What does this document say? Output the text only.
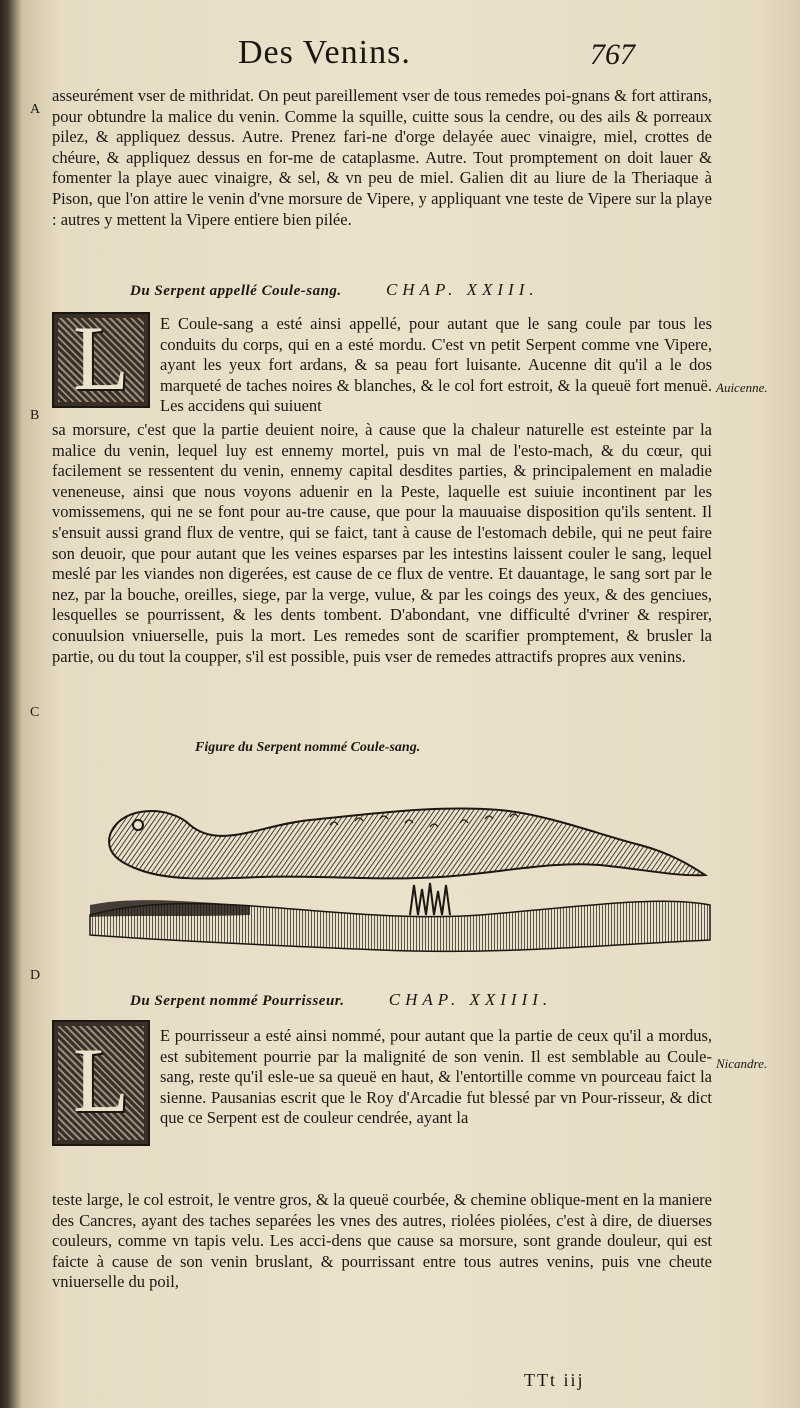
Des Venins.	767
A
B
C
D
Auicenne.
Nicandre.

asseurément vser de mithridat. On peut pareillement vser de tous remedes poi-gnans & fort attirans, pour obtundre la malice du venin. Comme la squille, cuitte sous la cendre, ou des ails & porreaux pilez, & appliquez dessus. Autre. Prenez fari-ne d'orge delayée auec vinaigre, miel, crottes de chéure, & appliquez dessus en for-me de cataplasme. Autre. Tout promptement on doit lauer & fomenter la playe auec vinaigre, & sel, & vn peu de miel. Galien dit au liure de la Theriaque à Pison, que l'on attire le venin d'vne morsure de Vipere, y appliquant vne teste de Vipere sur la playe : autres y mettent la Vipere entiere bien pilée.

Du Serpent appellé Coule-sang.	CHAP. XXIII.
L	E Coule-sang a esté ainsi appellé, pour autant que le sang coule par tous les conduits du corps, qui en a esté mordu. C'est vn petit Serpent comme vne Vipere, ayant les yeux fort ardans, & sa peau fort luisante. Aucenne dit qu'il a le dos marqueté de taches noires & blanches, & le col fort estroit, & la queuë fort menuë. Les accidens qui suiuent

sa morsure, c'est que la partie deuient noire, à cause que la chaleur naturelle est esteinte par la malice du venin, lequel luy est ennemy mortel, puis vn mal de l'esto-mach, & du cœur, qui facilement se ressentent du venin, ennemy capital desdites parties, & principalement en maladie veneneuse, ainsi que nous voyons aduenir en la Peste, laquelle est suiuie incontinent par les vomissemens, qui ne se font pour au-tre cause, que pour la mauuaise disposition qu'ils sentent. Il s'ensuit aussi grand flux de ventre, qui se faict, tant à cause de l'estomach debile, qui ne peut faire son deuoir, que pour autant que les veines esparses par les intestins laissent couler le sang, lequel meslé par les viandes non digerées, est cause de ce flux de ventre. Et dauantage, le sang sort par le nez, par la bouche, oreilles, siege, par la verge, vulue, & par les coings des yeux, & des genciues, lesquelles se pourrissent, & les dents tombent. D'abondant, vne difficulté d'vriner & respirer, conuulsion vniuerselle, puis la mort. Les remedes sont de scarifier promptement, & brusler la partie, ou du tout la coupper, s'il est possible, puis vser de remedes attractifs propres aux venins.

Figure du Serpent nommé Coule-sang.
Du Serpent nommé Pourrisseur.	CHAP. XXIIII.
L	E pourrisseur a esté ainsi nommé, pour autant que la partie de ceux qu'il a mordus, est subitement pourrie par la malignité de son venin. Il est semblable au Coule-sang, reste qu'il esle-ue sa queuë en haut, & l'entortille comme vn pourceau faict la sienne. Pausanias escrit que le Roy d'Arcadie fut blessé par vn Pour-risseur, & dict que ce Serpent est de couleur cendrée, ayant la

teste large, le col estroit, le ventre gros, & la queuë courbée, & chemine oblique-ment en la maniere des Cancres, ayant des taches separées les vnes des autres, riolées piolées, c'est à dire, de diuerses couleurs, comme vn tapis velu. Les acci-dens que cause sa morsure, sont grande douleur, qui est faicte à cause de son venin bruslant, & pourrissant entre tous autres venins, puis vne cheute vniuerselle du poil,

TTt iij
